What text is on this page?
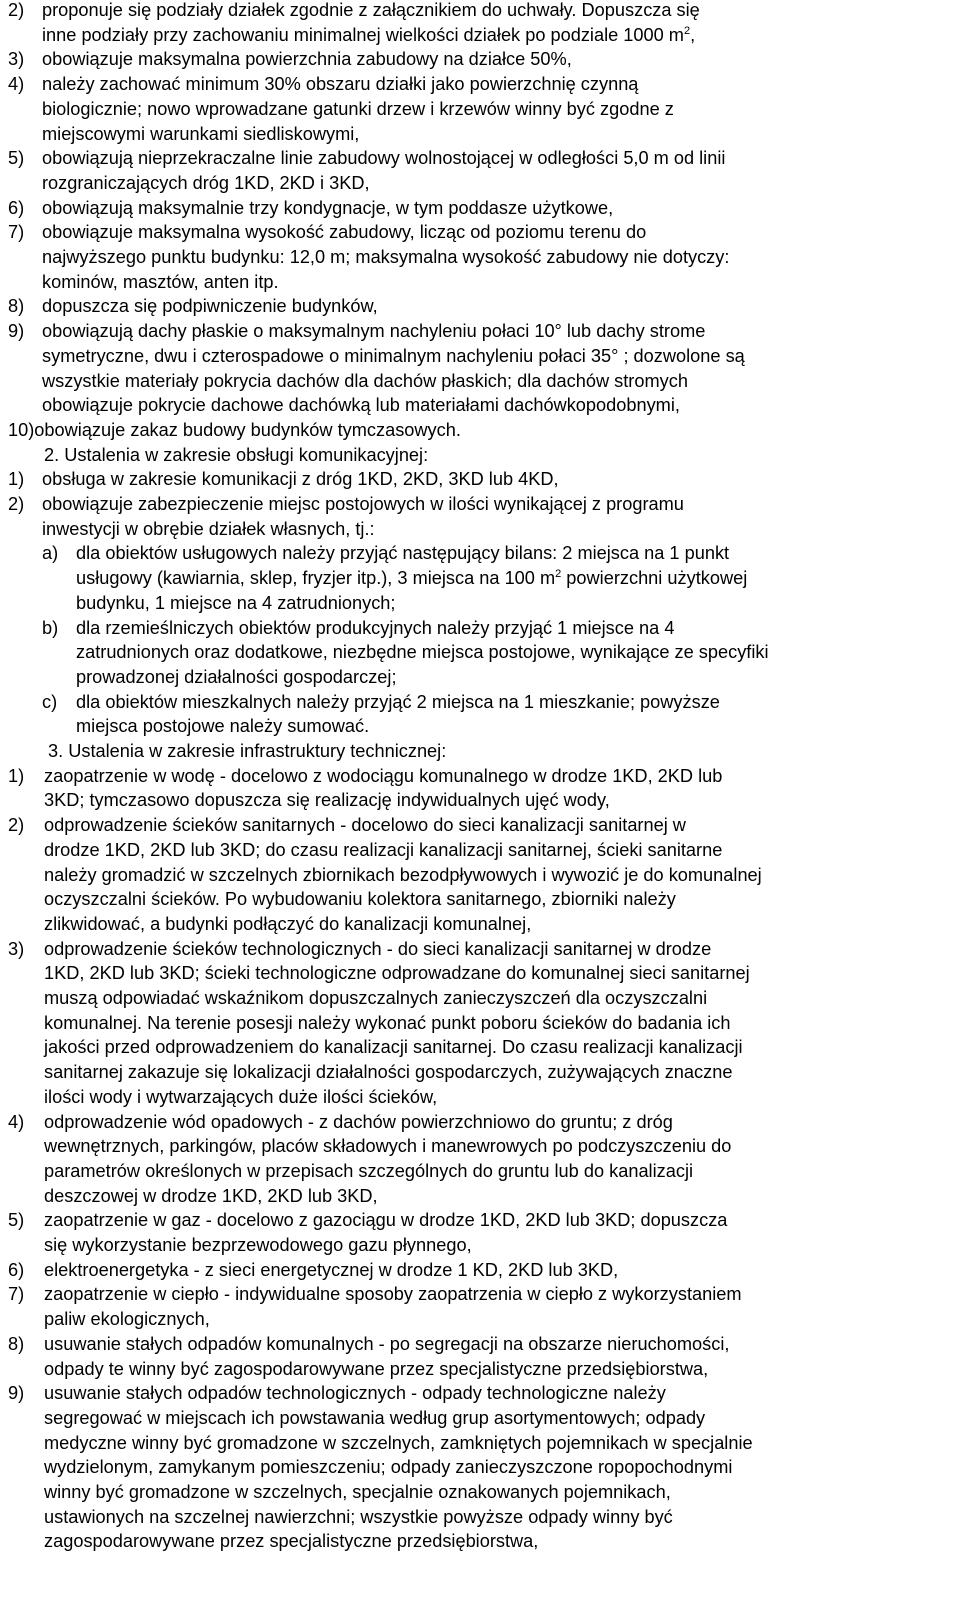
2) proponuje się podziały działek zgodnie z załącznikiem do uchwały. Dopuszcza się
inne podziały przy zachowaniu minimalnej wielkości działek po podziale 1000 $m^2$,
3) obowiązuje maksymalna powierzchnia zabudowy na działce 50%,
4) należy zachować minimum 30% obszaru działki jako powierzchnię czynną
biologicznie; nowo wprowadzane gatunki drzew i krzewów winny być zgodne z
miejscowymi warunkami siedliskowymi,
5) obowiązują nieprzekraczalne linie zabudowy wolnostojącej w odległości 5,0 m od linii
rozgraniczających dróg 1KD, 2KD i 3KD,
6) obowiązują maksymalnie trzy kondygnacje, w tym poddasze użytkowe,
7) obowiązuje maksymalna wysokość zabudowy, licząc od poziomu terenu do
najwyższego punktu budynku: 12,0 m; maksymalna wysokość zabudowy nie dotyczy:
kominów, masztów, anten itp.
8) dopuszcza się podpiwniczenie budynków,
9) obowiązują dachy płaskie o maksymalnym nachyleniu połaci 10° lub dachy strome
symetryczne, dwu i czterospadowe o minimalnym nachyleniu połaci 35° ; dozwolone są
wszystkie materiały pokrycia dachów dla dachów płaskich; dla dachów stromych
obowiązuje pokrycie dachowe dachówką lub materiałami dachówkopodobnymi,
10)obowiązuje zakaz budowy budynków tymczasowych.
2. Ustalenia w zakresie obsługi komunikacyjnej:
1) obsługa w zakresie komunikacji z dróg 1KD, 2KD, 3KD lub 4KD,
2) obowiązuje zabezpieczenie miejsc postojowych w ilości wynikającej z programu
inwestycji w obrębie działek własnych, tj.:
a) dla obiektów usługowych należy przyjąć następujący bilans: 2 miejsca na 1 punkt
usługowy (kawiarnia, sklep, fryzjer itp.), 3 miejsca na 100 $m^2$ powierzchni użytkowej
budynku, 1 miejsce na 4 zatrudnionych;
b) dla rzemieślniczych obiektów produkcyjnych należy przyjąć 1 miejsce na 4
zatrudnionych oraz dodatkowe, niezbędne miejsca postojowe, wynikające ze specyfiki
prowadzonej działalności gospodarczej;
c) dla obiektów mieszkalnych należy przyjąć 2 miejsca na 1 mieszkanie; powyższe
miejsca postojowe należy sumować.
3. Ustalenia w zakresie infrastruktury technicznej:
1) zaopatrzenie w wodę - docelowo z wodociągu komunalnego w drodze 1KD, 2KD lub
3KD; tymczasowo dopuszcza się realizację indywidualnych ujęć wody,
2) odprowadzenie ścieków sanitarnych - docelowo do sieci kanalizacji sanitarnej w
drodze 1KD, 2KD lub 3KD; do czasu realizacji kanalizacji sanitarnej, ścieki sanitarne
należy gromadzić w szczelnych zbiornikach bezodpływowych i wywozić je do komunalnej
oczyszczalni ścieków. Po wybudowaniu kolektora sanitarnego, zbiorniki należy
zlikwidować, a budynki podłączyć do kanalizacji komunalnej,
3) odprowadzenie ścieków technologicznych - do sieci kanalizacji sanitarnej w drodze
1KD, 2KD lub 3KD; ścieki technologiczne odprowadzane do komunalnej sieci sanitarnej
muszą odpowiadać wskaźnikom dopuszczalnych zanieczyszczeń dla oczyszczalni
komunalnej. Na terenie posesji należy wykonać punkt poboru ścieków do badania ich
jakości przed odprowadzeniem do kanalizacji sanitarnej. Do czasu realizacji kanalizacji
sanitarnej zakazuje się lokalizacji działalności gospodarczych, zużywających znaczne
ilości wody i wytwarzających duże ilości ścieków,
4) odprowadzenie wód opadowych - z dachów powierzchniowo do gruntu; z dróg
wewnętrznych, parkingów, placów składowych i manewrowych po podczyszczeniu do
parametrów określonych w przepisach szczególnych do gruntu lub do kanalizacji
deszczowej w drodze 1KD, 2KD lub 3KD,
5) zaopatrzenie w gaz - docelowo z gazociągu w drodze 1KD, 2KD lub 3KD; dopuszcza
się wykorzystanie bezprzewodowego gazu płynnego,
6) elektroenergetyka - z sieci energetycznej w drodze 1 KD, 2KD lub 3KD,
7) zaopatrzenie w ciepło - indywidualne sposoby zaopatrzenia w ciepło z wykorzystaniem
paliw ekologicznych,
8) usuwanie stałych odpadów komunalnych - po segregacji na obszarze nieruchomości,
odpady te winny być zagospodarowywane przez specjalistyczne przedsiębiorstwa,
9) usuwanie stałych odpadów technologicznych - odpady technologiczne należy
segregować w miejscach ich powstawania według grup asortymentowych; odpady
medyczne winny być gromadzone w szczelnych, zamkniętych pojemnikach w specjalnie
wydzielonym, zamykanym pomieszczeniu; odpady zanieczyszczone ropopochodnymi
winny być gromadzone w szczelnych, specjalnie oznakowanych pojemnikach,
ustawionych na szczelnej nawierzchni; wszystkie powyższe odpady winny być
zagospodarowywane przez specjalistyczne przedsiębiorstwa,
